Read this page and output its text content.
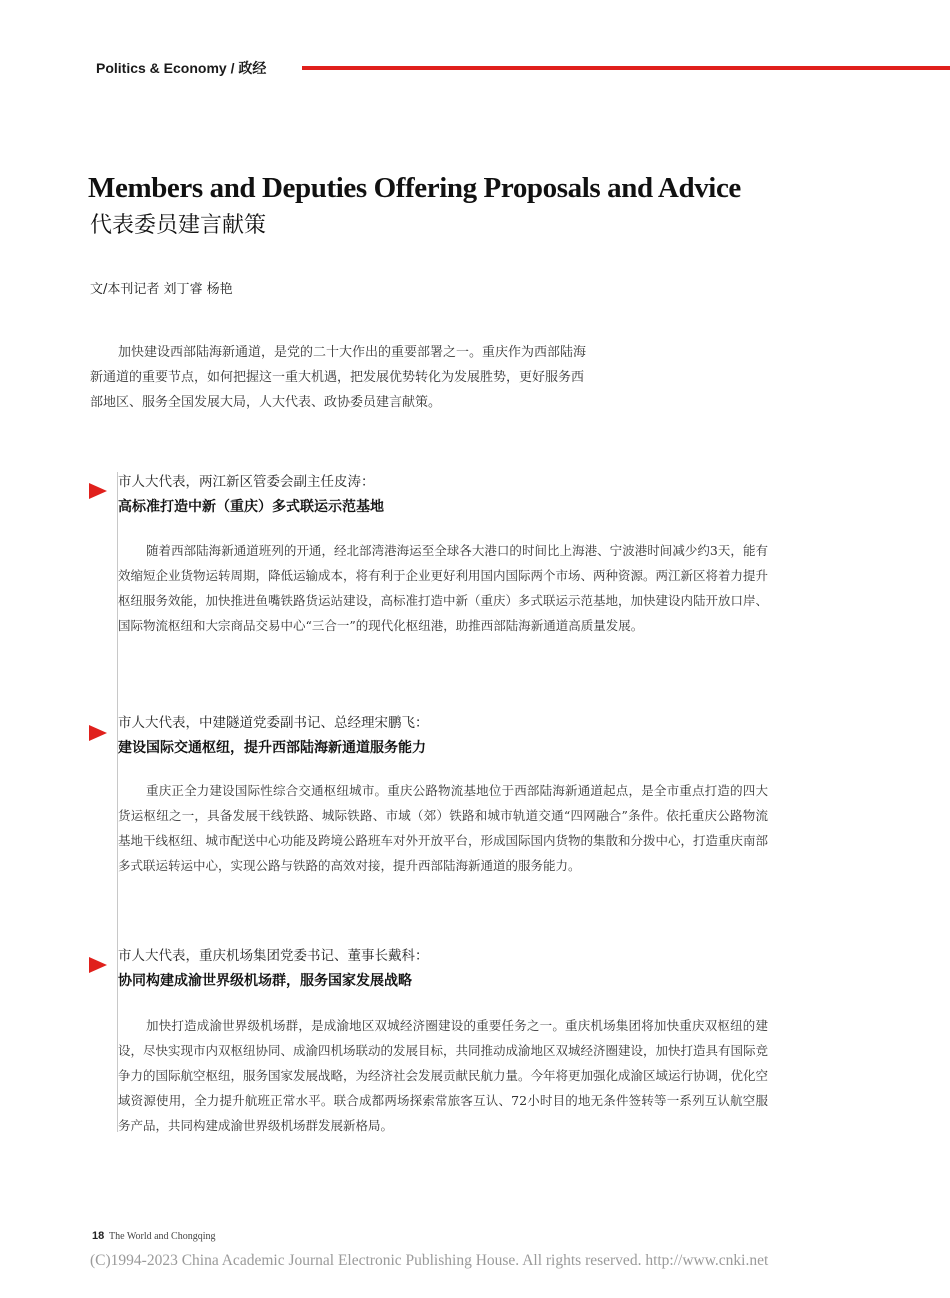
Politics & Economy / 政经
Members and Deputies Offering Proposals and Advice
代表委员建言献策
文/本刊记者 刘丁睿 杨艳

加快建设西部陆海新通道，是党的二十大作出的重要部署之一。重庆作为西部陆海新通道的重要节点，如何把握这一重大机遇，把发展优势转化为发展胜势，更好服务西部地区、服务全国发展大局，人大代表、政协委员建言献策。

市人大代表，两江新区管委会副主任皮涛：
高标准打造中新（重庆）多式联运示范基地

随着西部陆海新通道班列的开通，经北部湾港海运至全球各大港口的时间比上海港、宁波港时间减少约3天，能有效缩短企业货物运转周期，降低运输成本，将有利于企业更好利用国内国际两个市场、两种资源。两江新区将着力提升枢纽服务效能，加快推进鱼嘴铁路货运站建设，高标准打造中新（重庆）多式联运示范基地，加快建设内陆开放口岸、国际物流枢纽和大宗商品交易中心“三合一”的现代化枢纽港，助推西部陆海新通道高质量发展。

市人大代表，中建隧道党委副书记、总经理宋鹏飞：
建设国际交通枢纽，提升西部陆海新通道服务能力

重庆正全力建设国际性综合交通枢纽城市。重庆公路物流基地位于西部陆海新通道起点，是全市重点打造的四大货运枢纽之一，具备发展干线铁路、城际铁路、市域（郊）铁路和城市轨道交通“四网融合”条件。依托重庆公路物流基地干线枢纽、城市配送中心功能及跨境公路班车对外开放平台，形成国际国内货物的集散和分拨中心，打造重庆南部多式联运转运中心，实现公路与铁路的高效对接，提升西部陆海新通道的服务能力。

市人大代表，重庆机场集团党委书记、董事长戴科：
协同构建成渝世界级机场群，服务国家发展战略

加快打造成渝世界级机场群，是成渝地区双城经济圈建设的重要任务之一。重庆机场集团将加快重庆双枢纽的建设，尽快实现市内双枢纽协同、成渝四机场联动的发展目标，共同推动成渝地区双城经济圈建设，加快打造具有国际竞争力的国际航空枢纽，服务国家发展战略，为经济社会发展贡献民航力量。今年将更加强化成渝区域运行协调，优化空域资源使用，全力提升航班正常水平。联合成都两场探索常旅客互认、72小时目的地无条件签转等一系列互认航空服务产品，共同构建成渝世界级机场群发展新格局。

18 The World and Chongqing
(C)1994-2023 China Academic Journal Electronic Publishing House. All rights reserved. http://www.cnki.net
